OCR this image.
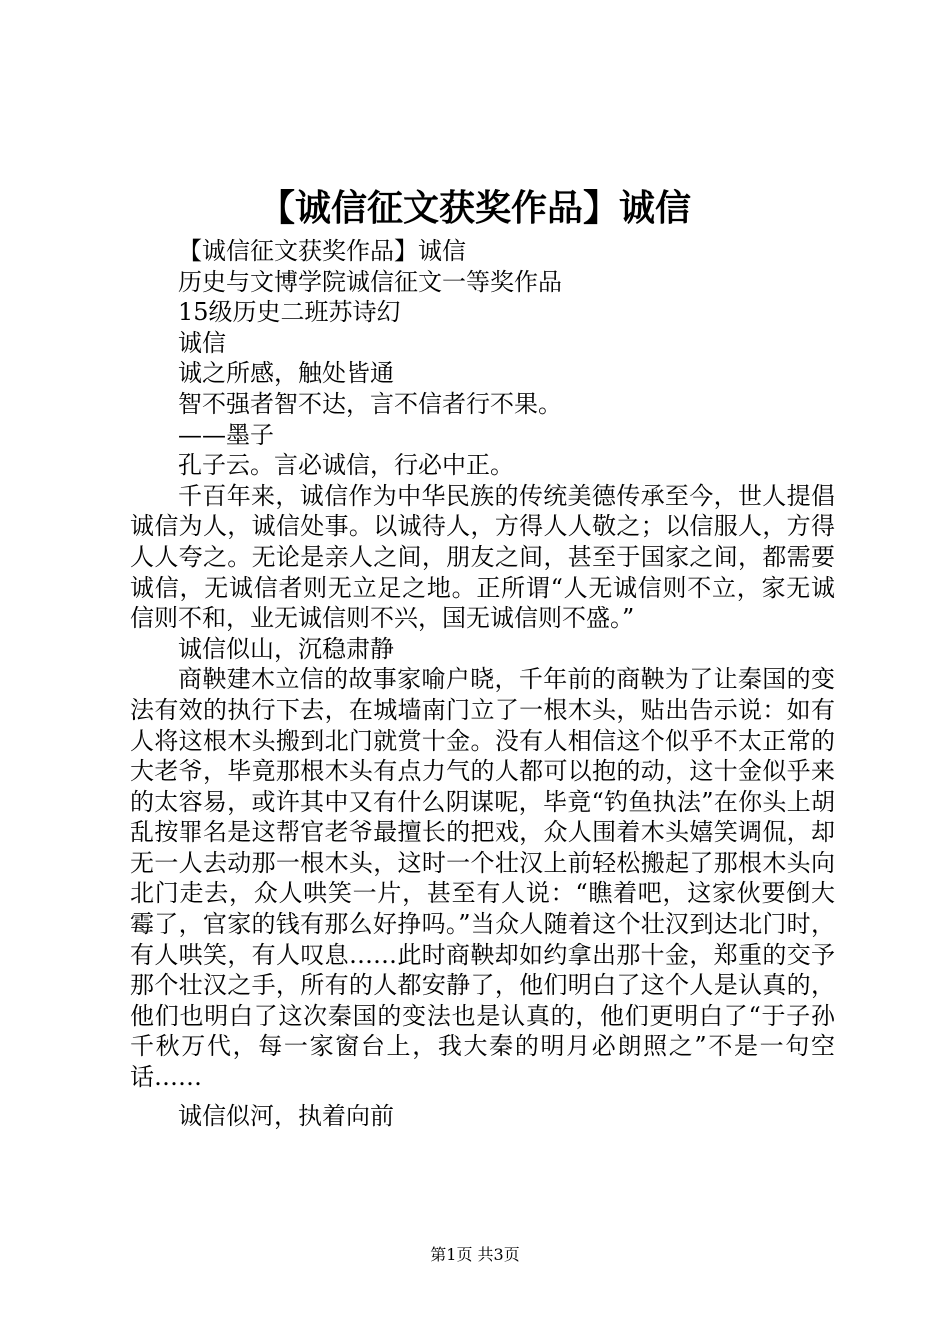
【诚信征文获奖作品】诚信

【诚信征文获奖作品】诚信

历史与文博学院诚信征文一等奖作品

15级历史二班苏诗幻

诚信

诚之所感，触处皆通

智不强者智不达，言不信者行不果。

——墨子

孔子云。言必诚信，行必中正。

千百年来，诚信作为中华民族的传统美德传承至今，世人提倡诚信为人，诚信处事。以诚待人，方得人人敬之；以信服人，方得人人夸之。无论是亲人之间，朋友之间，甚至于国家之间，都需要诚信，无诚信者则无立足之地。正所谓“人无诚信则不立，家无诚信则不和，业无诚信则不兴，国无诚信则不盛。”

诚信似山，沉稳肃静

商鞅建木立信的故事家喻户晓，千年前的商鞅为了让秦国的变法有效的执行下去，在城墙南门立了一根木头，贴出告示说：如有人将这根木头搬到北门就赏十金。没有人相信这个似乎不太正常的大老爷，毕竟那根木头有点力气的人都可以抱的动，这十金似乎来的太容易，或许其中又有什么阴谋呢，毕竟“钓鱼执法”在你头上胡乱按罪名是这帮官老爷最擅长的把戏，众人围着木头嬉笑调侃，却无一人去动那一根木头，这时一个壮汉上前轻松搬起了那根木头向北门走去，众人哄笑一片，甚至有人说：“瞧着吧，这家伙要倒大霉了，官家的钱有那么好挣吗。”当众人随着这个壮汉到达北门时，有人哄笑，有人叹息……此时商鞅却如约拿出那十金，郑重的交予那个壮汉之手，所有的人都安静了，他们明白了这个人是认真的，他们也明白了这次秦国的变法也是认真的，他们更明白了“于子孙千秋万代，每一家窗台上，我大秦的明月必朗照之”不是一句空话……

诚信似河，执着向前

第1页 共3页
